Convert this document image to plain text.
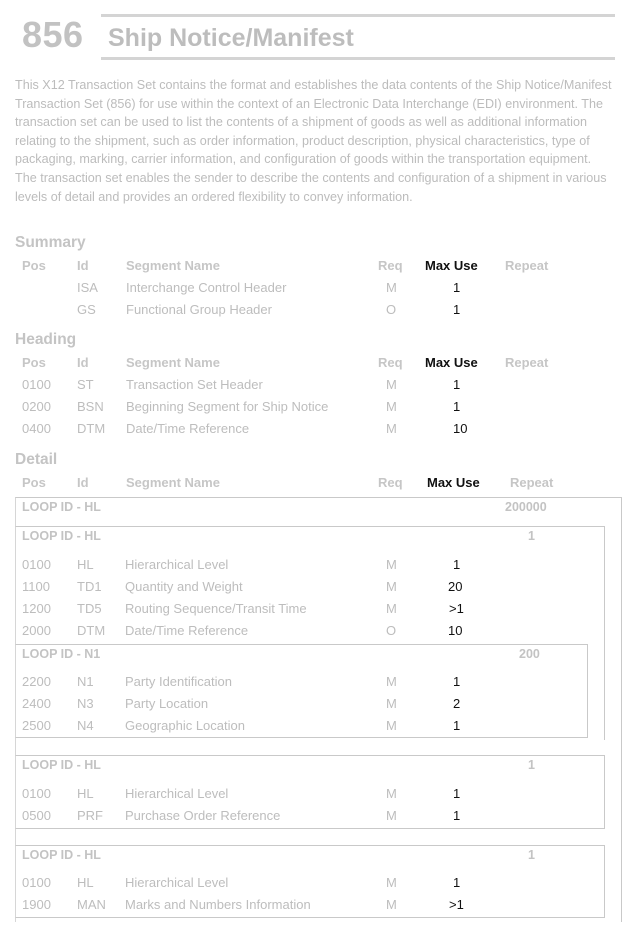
856 Ship Notice/Manifest
This X12 Transaction Set contains the format and establishes the data contents of the Ship Notice/Manifest Transaction Set (856) for use within the context of an Electronic Data Interchange (EDI) environment. The transaction set can be used to list the contents of a shipment of goods as well as additional information relating to the shipment, such as order information, product description, physical characteristics, type of packaging, marking, carrier information, and configuration of goods within the transportation equipment. The transaction set enables the sender to describe the contents and configuration of a shipment in various levels of detail and provides an ordered flexibility to convey information.
Summary
Pos Id	Segment Name	Req Max Use Repeat
ISA Interchange Control Header	M	1
GS Functional Group Header	O	1
Heading
Pos Id	Segment Name	Req Max Use Repeat
0100 ST Transaction Set Header	M	1
0200 BSN Beginning Segment for Ship Notice	M	1
0400 DTM Date/Time Reference	M	10
Detail
Pos Id	Segment Name	Req Max Use Repeat
LOOP ID - HL	200000
LOOP ID - HL	1
0100 HL Hierarchical Level	M	1
1100 TD1 Quantity and Weight	M	20
1200 TD5 Routing Sequence/Transit Time	M	>1
2000 DTM Date/Time Reference	O	10
LOOP ID - N1	200
2200 N1 Party Identification	M	1
2400 N3 Party Location	M	2
2500 N4 Geographic Location	M	1
LOOP ID - HL	1
0100 HL Hierarchical Level	M	1
0500 PRF Purchase Order Reference	M	1
LOOP ID - HL	1
0100 HL Hierarchical Level	M	1
1900 MAN Marks and Numbers Information	M	>1
